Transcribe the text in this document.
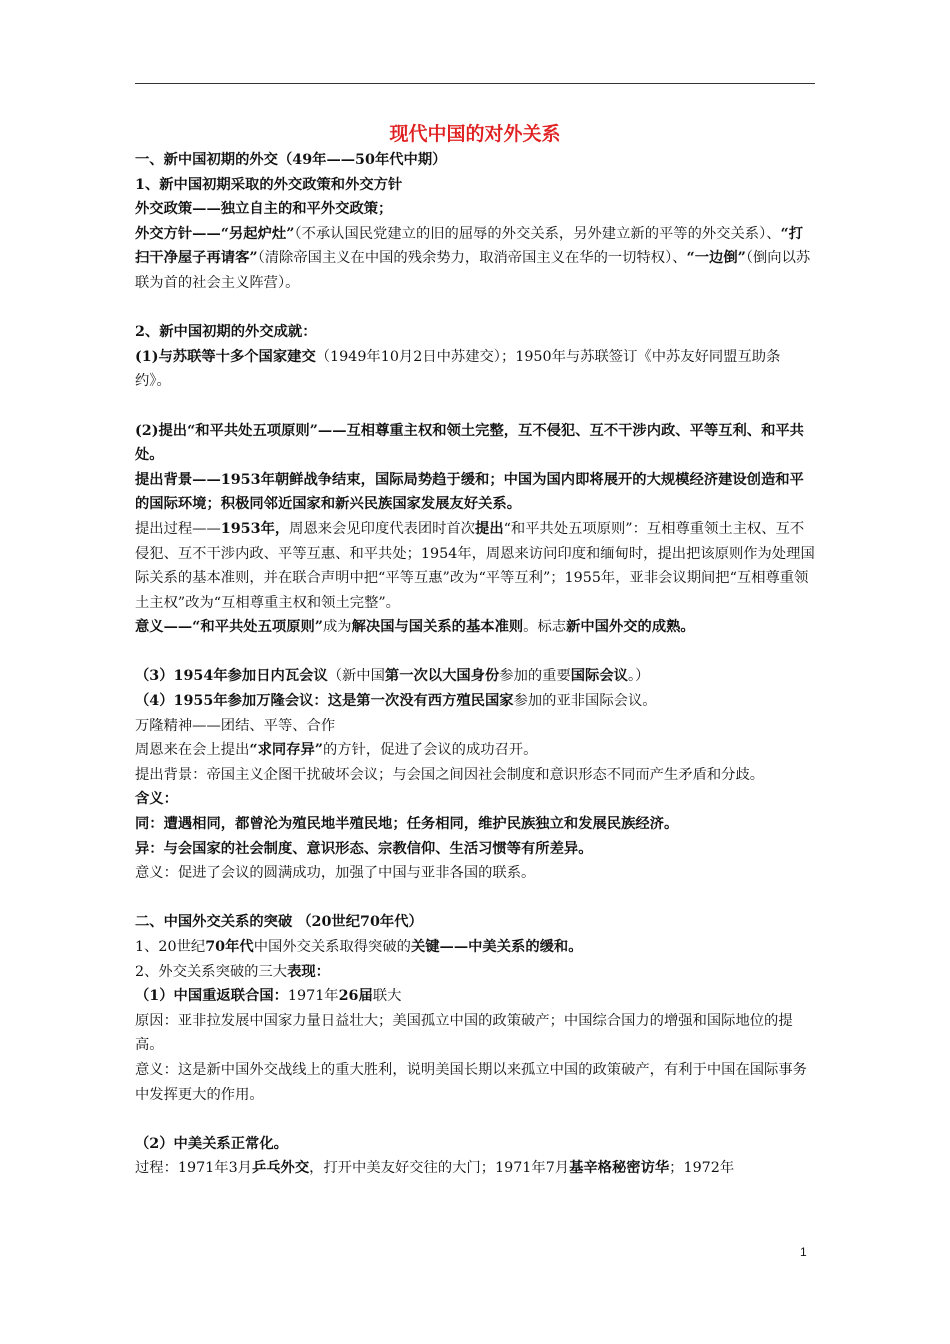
现代中国的对外关系
一、新中国初期的外交（49年——50年代中期）
1、新中国初期采取的外交政策和外交方针
外交政策——独立自主的和平外交政策；
外交方针——“另起炉灶”（不承认国民党建立的旧的屈辱的外交关系，另外建立新的平等的外交关系）、“打扫干净屋子再请客”（清除帝国主义在中国的残余势力，取消帝国主义在华的一切特权）、“一边倒”（倒向以苏联为首的社会主义阵营）。
2、新中国初期的外交成就：
(1)与苏联等十多个国家建交（1949年10月2日中苏建交）；1950年与苏联签订《中苏友好同盟互助条约》。
(2)提出“和平共处五项原则”——互相尊重主权和领土完整，互不侵犯、互不干涉内政、平等互利、和平共处。
提出背景——1953年朝鲜战争结束，国际局势趋于缓和；中国为国内即将展开的大规模经济建设创造和平的国际环境；积极同邻近国家和新兴民族国家发展友好关系。
提出过程——1953年，周恩来会见印度代表团时首次提出“和平共处五项原则”：互相尊重领土主权、互不侵犯、互不干涉内政、平等互惠、和平共处；1954年，周恩来访问印度和缅甸时，提出把该原则作为处理国际关系的基本准则，并在联合声明中把“平等互惠”改为“平等互利”；1955年，亚非会议期间把“互相尊重领土主权”改为“互相尊重主权和领土完整”。
意义——“和平共处五项原则”成为解决国与国关系的基本准则。标志新中国外交的成熟。
（3）1954年参加日内瓦会议（新中国第一次以大国身份参加的重要国际会议。）
（4）1955年参加万隆会议：这是第一次没有西方殖民国家参加的亚非国际会议。
万隆精神——团结、平等、合作
周恩来在会上提出“求同存异”的方针，促进了会议的成功召开。
提出背景：帝国主义企图干扰破坏会议；与会国之间因社会制度和意识形态不同而产生矛盾和分歧。
含义：
同：遭遇相同，都曾沦为殖民地半殖民地；任务相同，维护民族独立和发展民族经济。
异：与会国家的社会制度、意识形态、宗教信仰、生活习惯等有所差异。
意义：促进了会议的圆满成功，加强了中国与亚非各国的联系。
二、中国外交关系的突破 （20世纪70年代）
1、20世纪70年代中国外交关系取得突破的关键——中美关系的缓和。
2、外交关系突破的三大表现：
（1）中国重返联合国：1971年26届联大
原因：亚非拉发展中国家力量日益壮大；美国孤立中国的政策破产；中国综合国力的增强和国际地位的提高。
意义：这是新中国外交战线上的重大胜利，说明美国长期以来孤立中国的政策破产，有利于中国在国际事务中发挥更大的作用。
（2）中美关系正常化。
过程：1971年3月乒乓外交，打开中美友好交往的大门；1971年7月基辛格秘密访华；1972年
1
